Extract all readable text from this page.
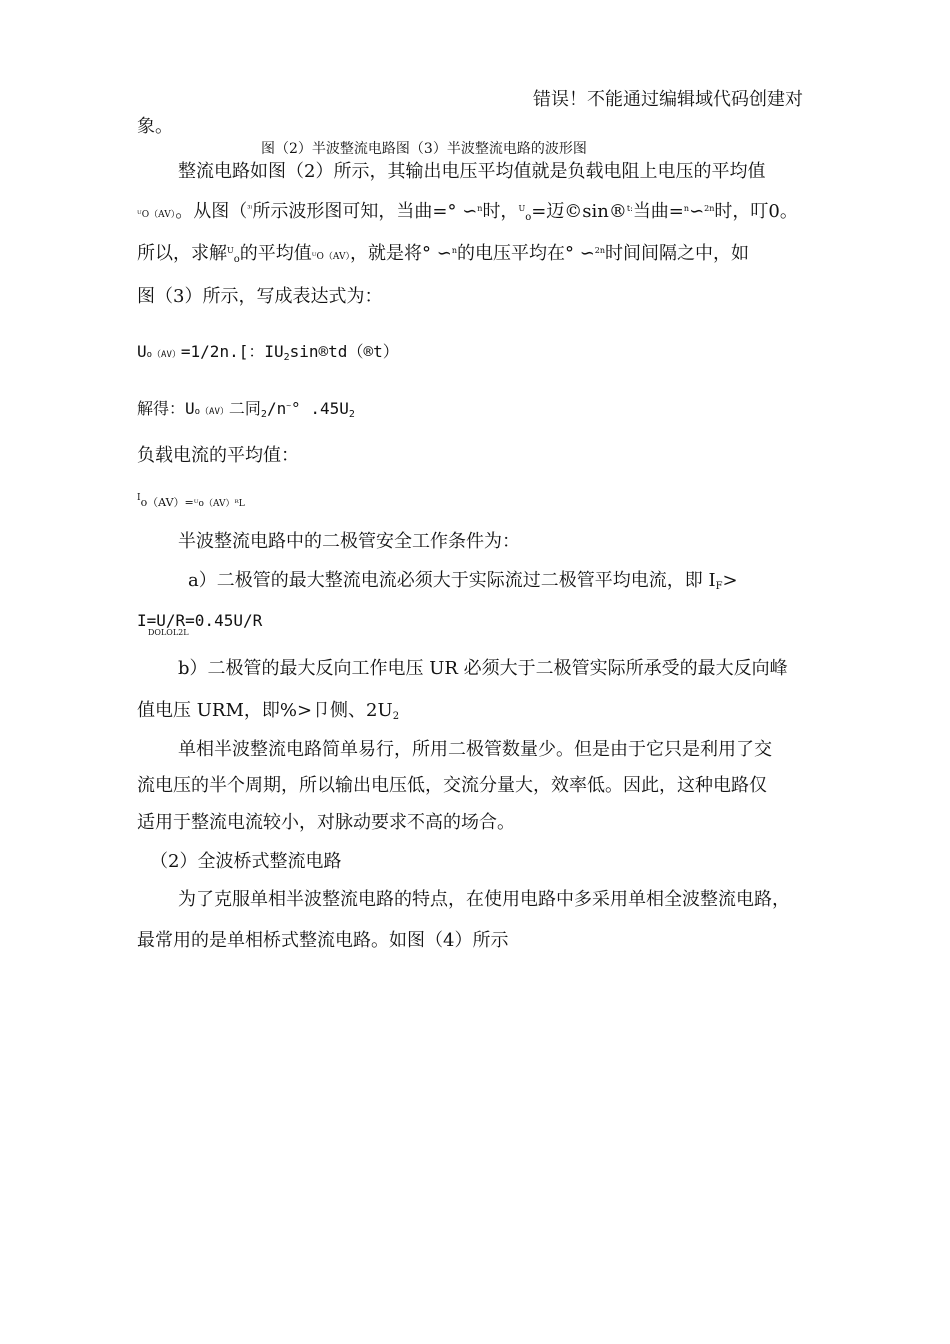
错误！不能通过编辑域代码创建对
象。
图（2）半波整流电路图（3）半波整流电路的波形图
整流电路如图（2）所示，其输出电压平均值就是负载电阻上电压的平均值
ᵁO（AV）。从图（$^{^{3)}}$所示波形图可知，当曲=° ∽$^n$时，$^U$o=迈©sin®$^{t:}$当曲=$^n$∽$^{2n}$时，叮0。
所以，求解$^U$o的平均值ᵁO（AV），就是将° ∽$^n$的电压平均在° ∽$^{2n}$时间间隔之中，如
图（3）所示，写成表达式为：
Uo（AV）=1/2n.[：IU2sin®td（®t）
解得：Uo（AV）二同2/n~° .45U2
负载电流的平均值：
$^I$o（AV）=ᵁo（AV）ᴿL
半波整流电路中的二极管安全工作条件为：
a）二极管的最大整流电流必须大于实际流过二极管平均电流，即 IF>
I=U/R=0.45U/R
DOLOL2L
b）二极管的最大反向工作电压 UR 必须大于二极管实际所承受的最大反向峰
值电压 URM，即%>卩侧、2U2
单相半波整流电路简单易行，所用二极管数量少。但是由于它只是利用了交
流电压的半个周期，所以输出电压低，交流分量大，效率低。因此，这种电路仅
适用于整流电流较小，对脉动要求不高的场合。
（2）全波桥式整流电路
为了克服单相半波整流电路的特点，在使用电路中多采用单相全波整流电路，
最常用的是单相桥式整流电路。如图（4）所示
